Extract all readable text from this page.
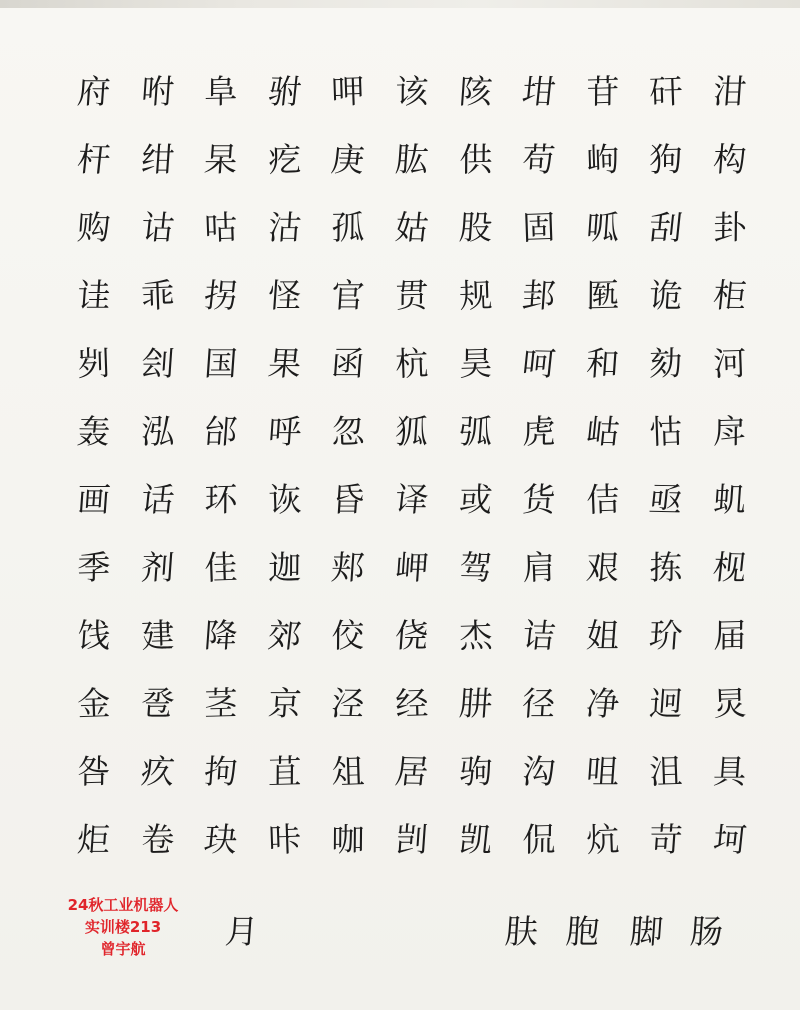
府 咐 阜 驸 呷 该 陔 坩 苷 矸 泔
杆 绀 杲 疙 庚 肱 供 苟 岣 狗 构
购 诂 咕 沽 孤 姑 股 固 呱 刮 卦
诖 乖 拐 怪 官 贯 规 邽 匦 诡 柜
刿 刽 国 果 函 杭 昊 呵 和 劾 河
轰 泓 邰 呼 忽 狐 弧 虎 岵 怙 戽
画 话 环 诙 昏 译 或 货 佶 亟 虮
季 剂 佳 迦 郏 岬 驾 肩 艰 拣 枧
饯 建 降 郊 佼 侥 杰 诘 姐 玠 届
金 卺 茎 京 泾 经 肼 径 净 迥 炅
咎 疚 拘 苴 俎 居 驹 沟 咀 沮 具
炬 卷 玦 咔 咖 剀 凯 侃 炕 苛 坷
月	肤 胞 脚 肠
24秋工业机器人
实训楼213
曾宇航
